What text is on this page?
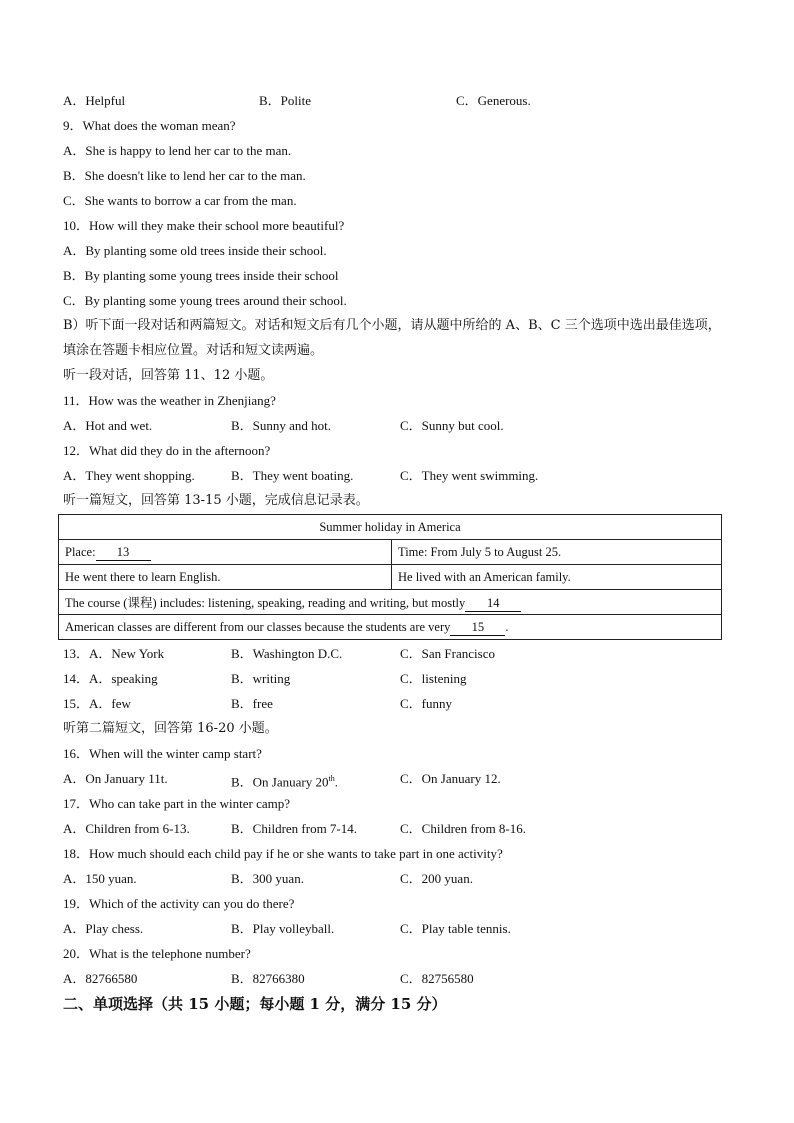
A．Helpful	B．Polite	C．Generous.
9．What does the woman mean?
A．She is happy to lend her car to the man.
B．She doesn't like to lend her car to the man.
C．She wants to borrow a car from the man.
10．How will they make their school more beautiful?
A．By planting some old trees inside their school.
B．By planting some young trees inside their school
C．By planting some young trees around their school.
B）听下面一段对话和两篇短文。对话和短文后有几个小题，请从题中所给的 A、B、C 三个选项中选出最佳选项，填涂在答题卡相应位置。对话和短文读两遍。
听一段对话，回答第 11、12 小题。
11．How was the weather in Zhenjiang?
A．Hot and wet.	B．Sunny and hot.	C．Sunny but cool.
12．What did they do in the afternoon?
A．They went shopping.	B．They went boating.	C．They went swimming.
听一篇短文，回答第 13-15 小题，完成信息记录表。
Summer holiday in America	
Place: 13	Time: From July 5 to August 25.
He went there to learn English.	He lived with an American family.
The course (课程) includes: listening, speaking, reading and writing, but mostly 14	
American classes are different from our classes because the students are very 15 .	
13．A．New York	B．Washington D.C.	C．San Francisco
14．A．speaking	B．writing	C．listening
15．A．few	B．free	C．funny
听第二篇短文，回答第 16-20 小题。
16．When will the winter camp start?
A．On January 11t.	B．On January 20th.	C．On January 12.
17．Who can take part in the winter camp?
A．Children from 6-13.	B．Children from 7-14.	C．Children from 8-16.
18．How much should each child pay if he or she wants to take part in one activity?
A．150 yuan.	B．300 yuan.	C．200 yuan.
19．Which of the activity can you do there?
A．Play chess.	B．Play volleyball.	C．Play table tennis.
20．What is the telephone number?
A．82766580	B．82766380	C．82756580
二、单项选择（共 15 小题；每小题 1 分，满分 15 分）
